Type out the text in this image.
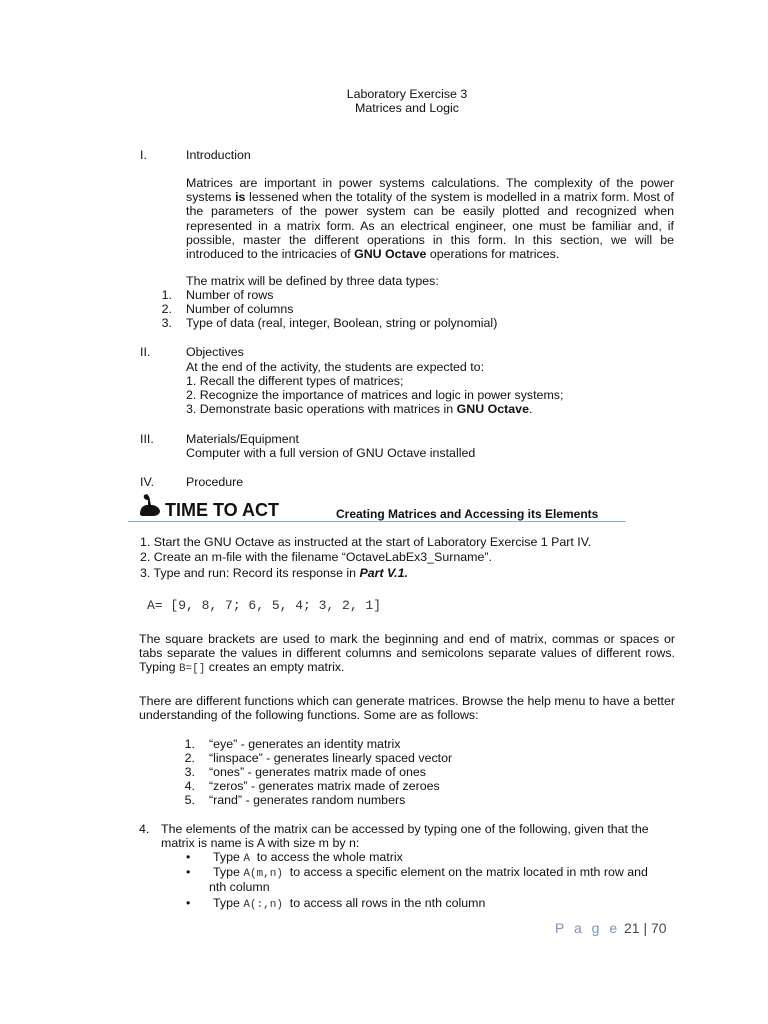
Laboratory Exercise 3
Matrices and Logic
I.	Introduction
Matrices are important in power systems calculations. The complexity of the power systems is lessened when the totality of the system is modelled in a matrix form. Most of the parameters of the power system can be easily plotted and recognized when represented in a matrix form. As an electrical engineer, one must be familiar and, if possible, master the different operations in this form. In this section, we will be introduced to the intricacies of GNU Octave operations for matrices.
The matrix will be defined by three data types:
1. Number of rows
2. Number of columns
3. Type of data (real, integer, Boolean, string or polynomial)
II.	Objectives
At the end of the activity, the students are expected to:
1. Recall the different types of matrices;
2. Recognize the importance of matrices and logic in power systems;
3. Demonstrate basic operations with matrices in GNU Octave.
III.	Materials/Equipment
Computer with a full version of GNU Octave installed
IV.	Procedure
TIME TO ACT	Creating Matrices and Accessing its Elements
1. Start the GNU Octave as instructed at the start of Laboratory Exercise 1 Part IV.
2. Create an m-file with the filename “OctaveLabEx3_Surname”.
3. Type and run: Record its response in Part V.1.
A= [9, 8, 7; 6, 5, 4; 3, 2, 1]
The square brackets are used to mark the beginning and end of matrix, commas or spaces or tabs separate the values in different columns and semicolons separate values of different rows. Typing B=[] creates an empty matrix.
There are different functions which can generate matrices. Browse the help menu to have a better understanding of the following functions. Some are as follows:
1. “eye” - generates an identity matrix
2. “linspace” - generates linearly spaced vector
3. “ones” - generates matrix made of ones
4. “zeros” - generates matrix made of zeroes
5. “rand” - generates random numbers
4. The elements of the matrix can be accessed by typing one of the following, given that the
matrix is name is A with size m by n:
• Type A  to access the whole matrix
• Type A(m,n)  to access a specific element on the matrix located in mth row and
nth column
• Type A(:,n)  to access all rows in the nth column
P a g e 21 | 70
